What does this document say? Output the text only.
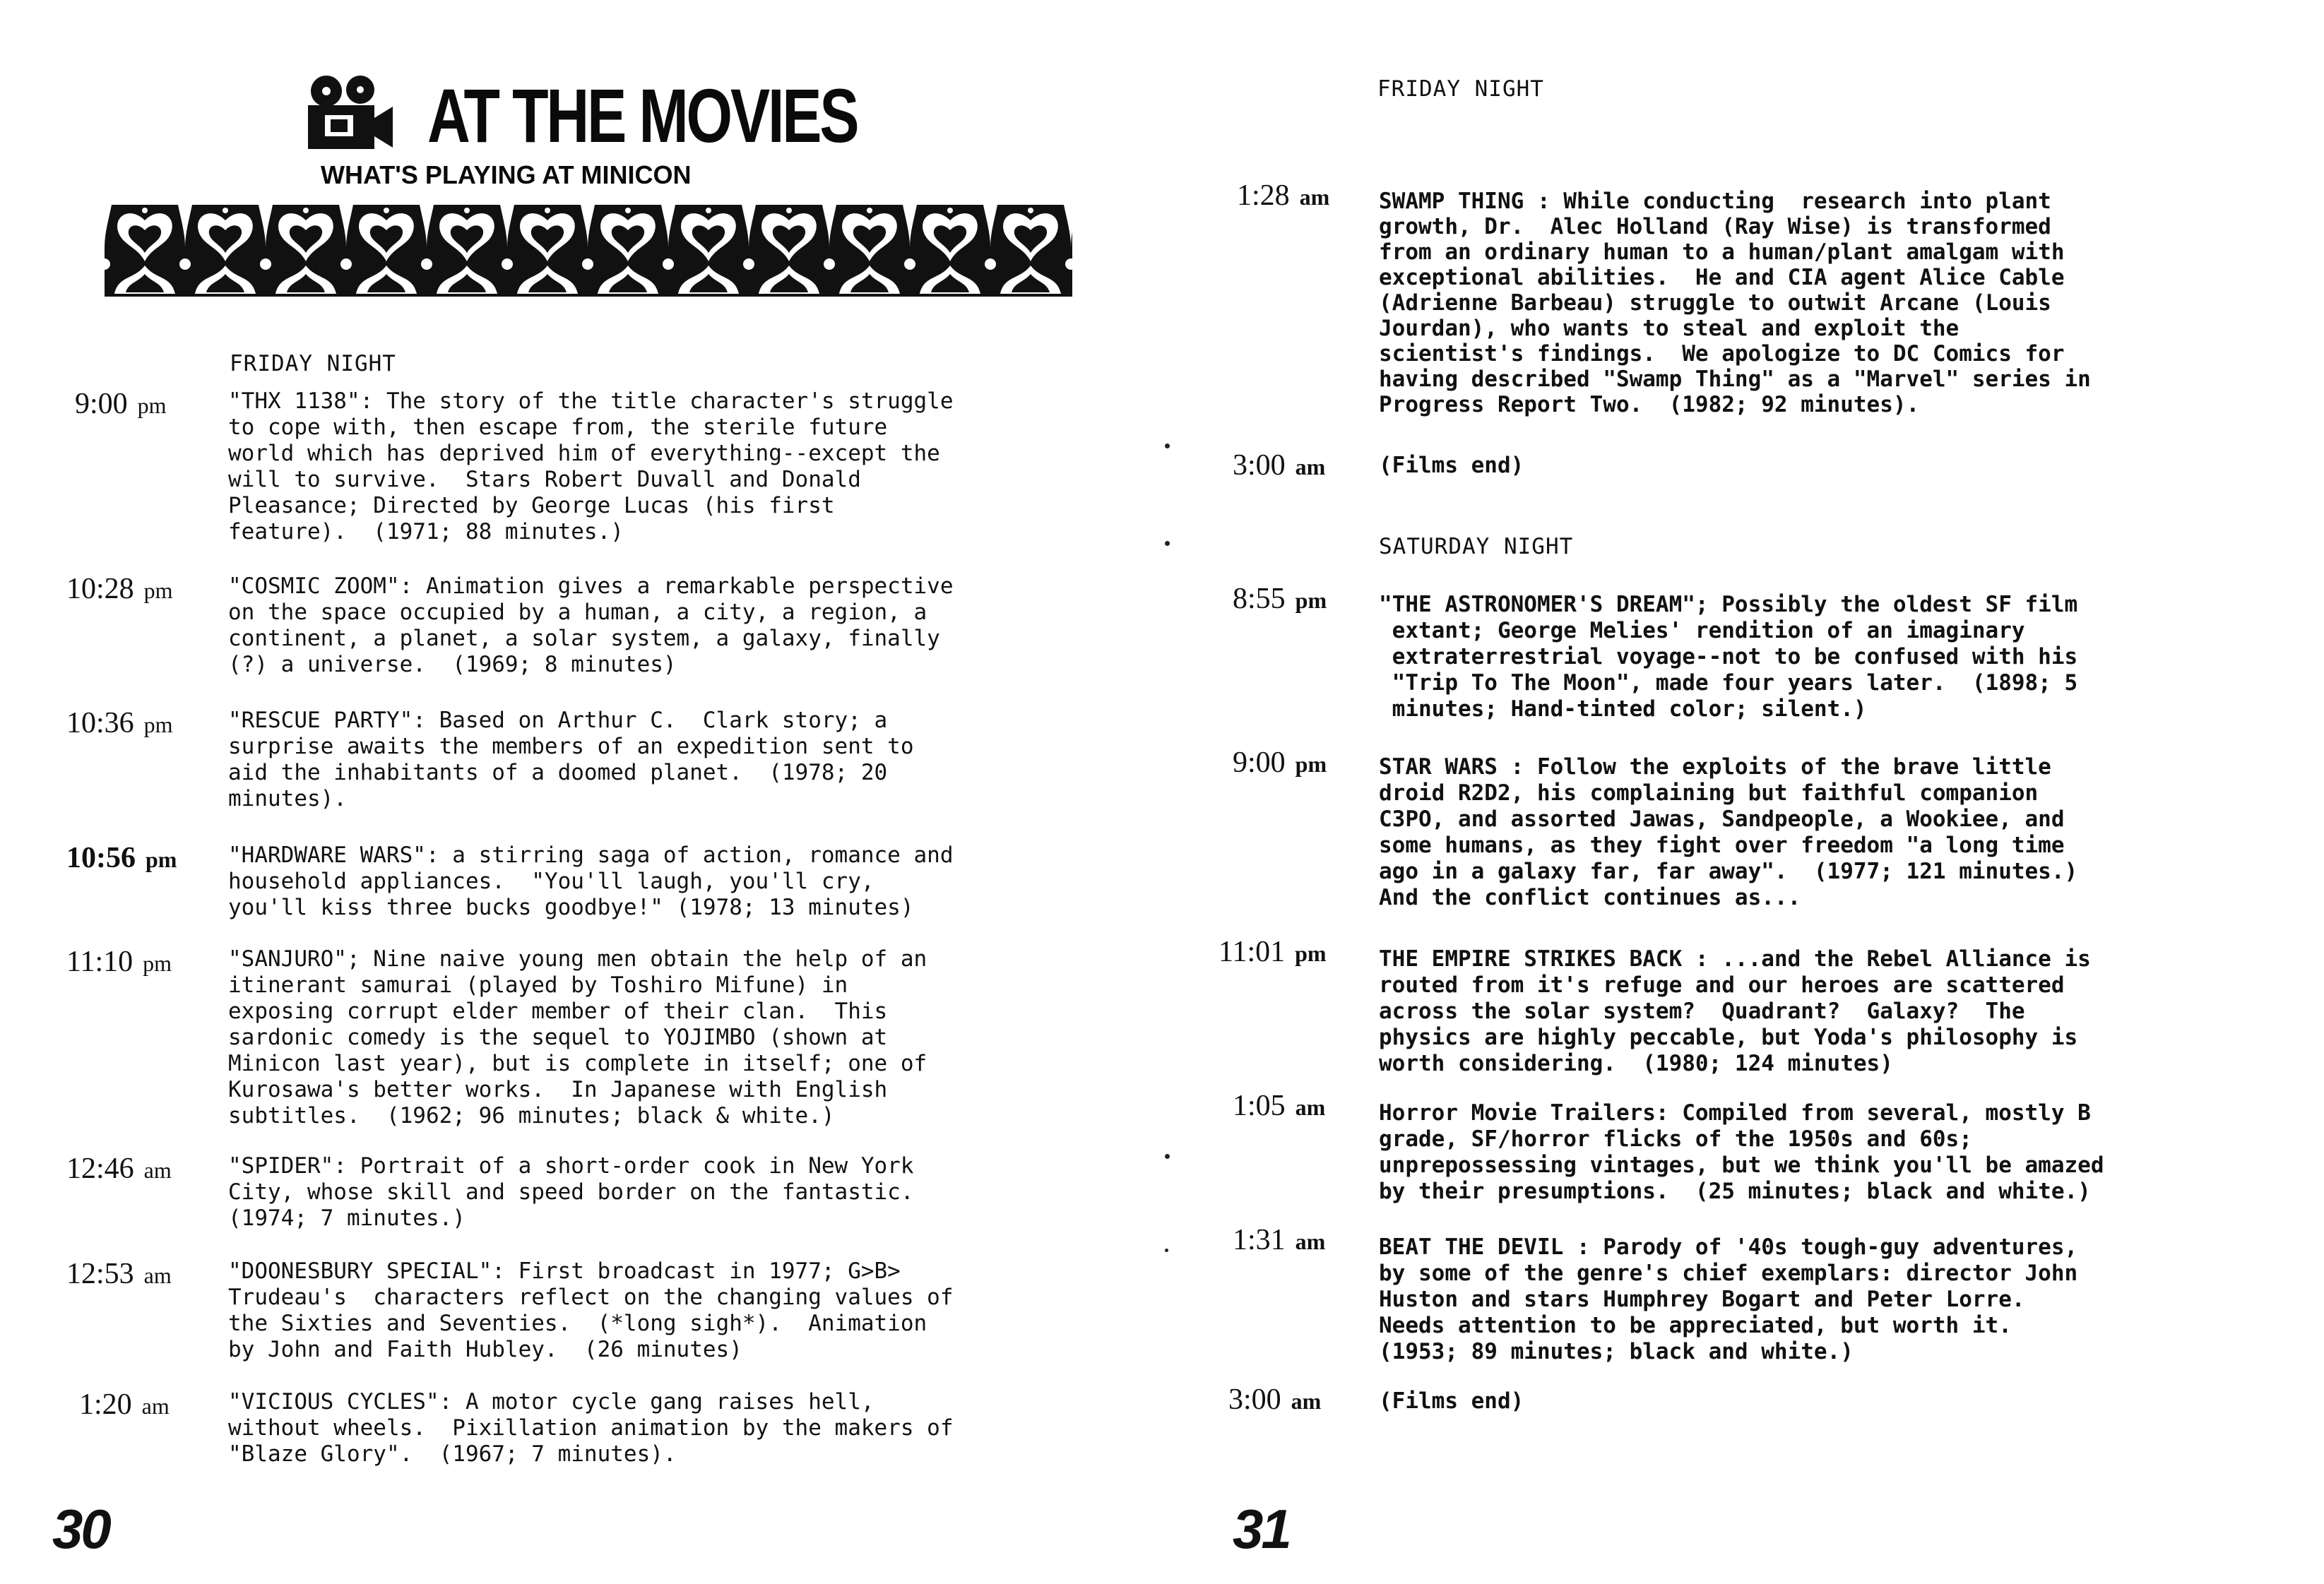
AT THE MOVIES

WHAT'S PLAYING AT MINICON

FRIDAY NIGHT
9:00 pm	"THX 1138": The story of the title character's struggle
to cope with, then escape from, the sterile future
world which has deprived him of everything--except the
will to survive.  Stars Robert Duvall and Donald
Pleasance; Directed by George Lucas (his first
feature).  (1971; 88 minutes.)
10:28 pm	"COSMIC ZOOM": Animation gives a remarkable perspective
on the space occupied by a human, a city, a region, a
continent, a planet, a solar system, a galaxy, finally
(?) a universe.  (1969; 8 minutes)
10:36 pm	"RESCUE PARTY": Based on Arthur C.  Clark story; a
surprise awaits the members of an expedition sent to
aid the inhabitants of a doomed planet.  (1978; 20
minutes).
10:56 pm "HARDWARE WARS": a stirring saga of action, romance and
household appliances.  "You'll laugh, you'll cry,
you'll kiss three bucks goodbye!" (1978; 13 minutes)
11:10 pm	"SANJURO"; Nine naive young men obtain the help of an
itinerant samurai (played by Toshiro Mifune) in
exposing corrupt elder member of their clan.  This
sardonic comedy is the sequel to YOJIMBO (shown at
Minicon last year), but is complete in itself; one of
Kurosawa's better works.  In Japanese with English
subtitles.  (1962; 96 minutes; black & white.)
12:46 am	"SPIDER": Portrait of a short-order cook in New York
City, whose skill and speed border on the fantastic.
(1974; 7 minutes.)
12:53 am	"DOONESBURY SPECIAL": First broadcast in 1977; G>B>
Trudeau's  characters reflect on the changing values of
the Sixties and Seventies.  (*long sigh*).  Animation
by John and Faith Hubley.  (26 minutes)
1:20 am	"VICIOUS CYCLES": A motor cycle gang raises hell,
without wheels.  Pixillation animation by the makers of
"Blaze Glory".  (1967; 7 minutes).
30
FRIDAY NIGHT
1:28 am SWAMP THING : While conducting  research into plant
growth, Dr.  Alec Holland (Ray Wise) is transformed
from an ordinary human to a human/plant amalgam with
exceptional abilities.  He and CIA agent Alice Cable
(Adrienne Barbeau) struggle to outwit Arcane (Louis
Jourdan), who wants to steal and exploit the
scientist's findings.  We apologize to DC Comics for
having described "Swamp Thing" as a "Marvel" series in
Progress Report Two.  (1982; 92 minutes).
3:00 am (Films end)
SATURDAY NIGHT
8:55 pm "THE ASTRONOMER'S DREAM"; Possibly the oldest SF film
extant; George Melies' rendition of an imaginary
extraterrestrial voyage--not to be confused with his
"Trip To The Moon", made four years later.  (1898; 5
minutes; Hand-tinted color; silent.)
9:00 pm STAR WARS : Follow the exploits of the brave little
droid R2D2, his complaining but faithful companion
C3PO, and assorted Jawas, Sandpeople, a Wookiee, and
some humans, as they fight over freedom "a long time
ago in a galaxy far, far away".  (1977; 121 minutes.)
And the conflict continues as...
11:01 pm THE EMPIRE STRIKES BACK : ...and the Rebel Alliance is
routed from it's refuge and our heroes are scattered
across the solar system?  Quadrant?  Galaxy?  The
physics are highly peccable, but Yoda's philosophy is
worth considering.  (1980; 124 minutes)
1:05 am Horror Movie Trailers: Compiled from several, mostly B
grade, SF/horror flicks of the 1950s and 60s;
unprepossessing vintages, but we think you'll be amazed
by their presumptions.  (25 minutes; black and white.)
1:31 am BEAT THE DEVIL : Parody of '40s tough-guy adventures,
by some of the genre's chief exemplars: director John
Huston and stars Humphrey Bogart and Peter Lorre.
Needs attention to be appreciated, but worth it.
(1953; 89 minutes; black and white.)
3:00 am	(Films end)
31
